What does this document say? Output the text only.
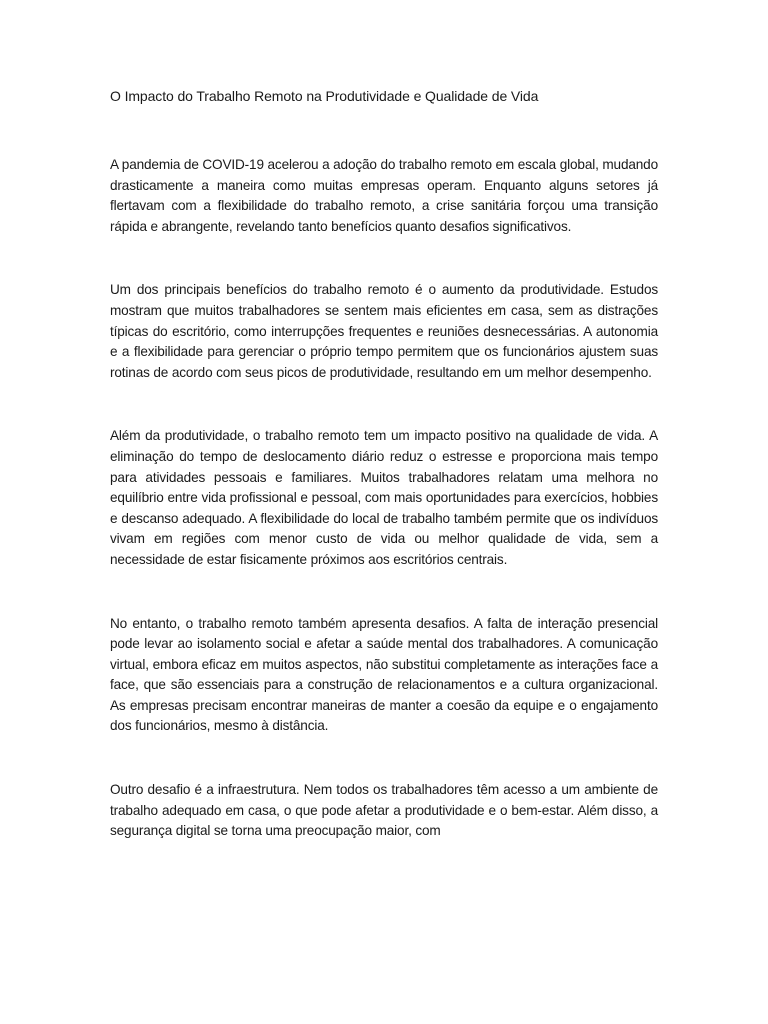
O Impacto do Trabalho Remoto na Produtividade e Qualidade de Vida

A pandemia de COVID-19 acelerou a adoção do trabalho remoto em escala global, mudando drasticamente a maneira como muitas empresas operam. Enquanto alguns setores já flertavam com a flexibilidade do trabalho remoto, a crise sanitária forçou uma transição rápida e abrangente, revelando tanto benefícios quanto desafios significativos.

Um dos principais benefícios do trabalho remoto é o aumento da produtividade. Estudos mostram que muitos trabalhadores se sentem mais eficientes em casa, sem as distrações típicas do escritório, como interrupções frequentes e reuniões desnecessárias. A autonomia e a flexibilidade para gerenciar o próprio tempo permitem que os funcionários ajustem suas rotinas de acordo com seus picos de produtividade, resultando em um melhor desempenho.

Além da produtividade, o trabalho remoto tem um impacto positivo na qualidade de vida. A eliminação do tempo de deslocamento diário reduz o estresse e proporciona mais tempo para atividades pessoais e familiares. Muitos trabalhadores relatam uma melhora no equilíbrio entre vida profissional e pessoal, com mais oportunidades para exercícios, hobbies e descanso adequado. A flexibilidade do local de trabalho também permite que os indivíduos vivam em regiões com menor custo de vida ou melhor qualidade de vida, sem a necessidade de estar fisicamente próximos aos escritórios centrais.

No entanto, o trabalho remoto também apresenta desafios. A falta de interação presencial pode levar ao isolamento social e afetar a saúde mental dos trabalhadores. A comunicação virtual, embora eficaz em muitos aspectos, não substitui completamente as interações face a face, que são essenciais para a construção de relacionamentos e a cultura organizacional. As empresas precisam encontrar maneiras de manter a coesão da equipe e o engajamento dos funcionários, mesmo à distância.

Outro desafio é a infraestrutura. Nem todos os trabalhadores têm acesso a um ambiente de trabalho adequado em casa, o que pode afetar a produtividade e o bem-estar. Além disso, a segurança digital se torna uma preocupação maior, com
